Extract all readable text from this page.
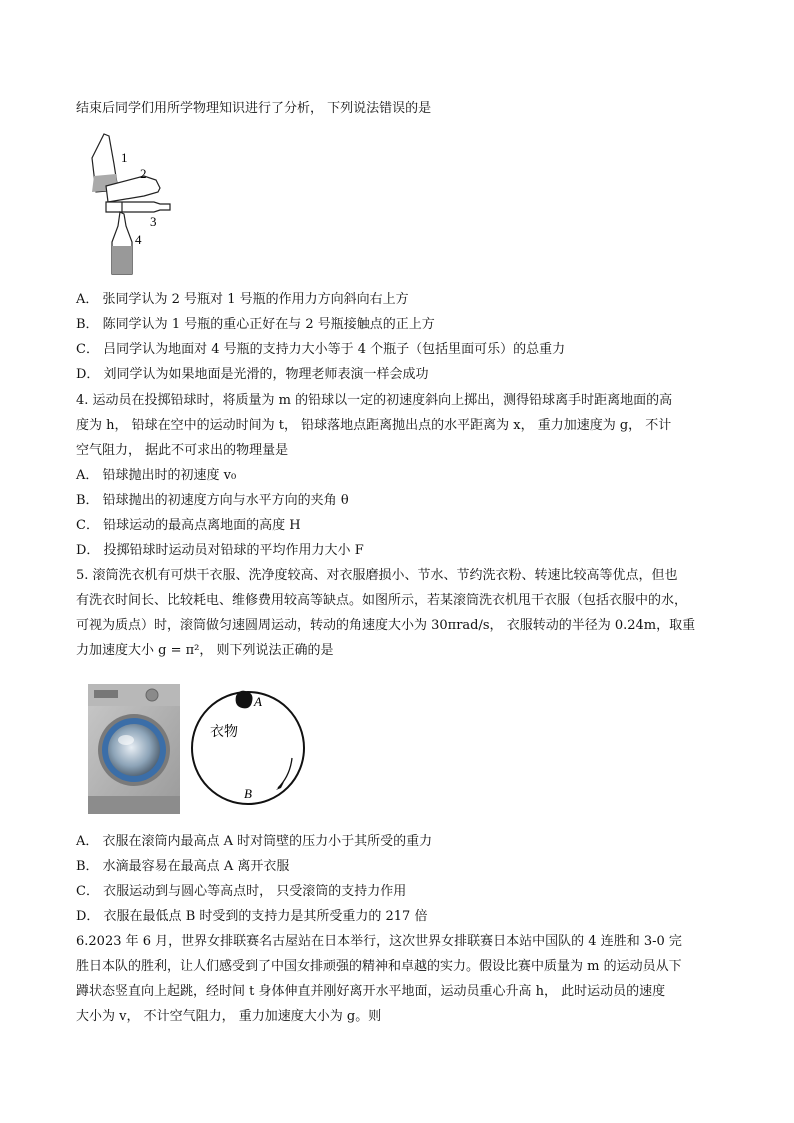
结束后同学们用所学物理知识进行了分析， 下列说法错误的是
1
2
3
4
A． 张同学认为 2 号瓶对 1 号瓶的作用力方向斜向右上方
B． 陈同学认为 1 号瓶的重心正好在与 2 号瓶接触点的正上方
C． 吕同学认为地面对 4 号瓶的支持力大小等于 4 个瓶子（包括里面可乐）的总重力
D． 刘同学认为如果地面是光滑的，物理老师表演一样会成功
4. 运动员在投掷铅球时，将质量为 m 的铅球以一定的初速度斜向上掷出，测得铅球离手时距离地面的高
度为 h， 铅球在空中的运动时间为 t， 铅球落地点距离抛出点的水平距离为 x， 重力加速度为 g， 不计
空气阻力， 据此不可求出的物理量是
A． 铅球抛出时的初速度 v₀
B． 铅球抛出的初速度方向与水平方向的夹角 θ
C． 铅球运动的最高点离地面的高度 H
D． 投掷铅球时运动员对铅球的平均作用力大小 F
5. 滚筒洗衣机有可烘干衣服、洗净度较高、对衣服磨损小、节水、节约洗衣粉、转速比较高等优点，但也
有洗衣时间长、比较耗电、维修费用较高等缺点。如图所示，若某滚筒洗衣机甩干衣服（包括衣服中的水，
可视为质点）时，滚筒做匀速圆周运动，转动的角速度大小为 30πrad/s， 衣服转动的半径为 0.24m，取重
力加速度大小 g = π²， 则下列说法正确的是
A
衣物
B
A． 衣服在滚筒内最高点 A 时对筒壁的压力小于其所受的重力
B． 水滴最容易在最高点 A 离开衣服
C． 衣服运动到与圆心等高点时， 只受滚筒的支持力作用
D． 衣服在最低点 B 时受到的支持力是其所受重力的 217 倍
6.2023 年 6 月，世界女排联赛名古屋站在日本举行，这次世界女排联赛日本站中国队的 4 连胜和 3-0 完
胜日本队的胜利，让人们感受到了中国女排顽强的精神和卓越的实力。假设比赛中质量为 m 的运动员从下
蹲状态竖直向上起跳，经时间 t 身体伸直并刚好离开水平地面，运动员重心升高 h， 此时运动员的速度
大小为 v， 不计空气阻力， 重力加速度大小为 g。则
